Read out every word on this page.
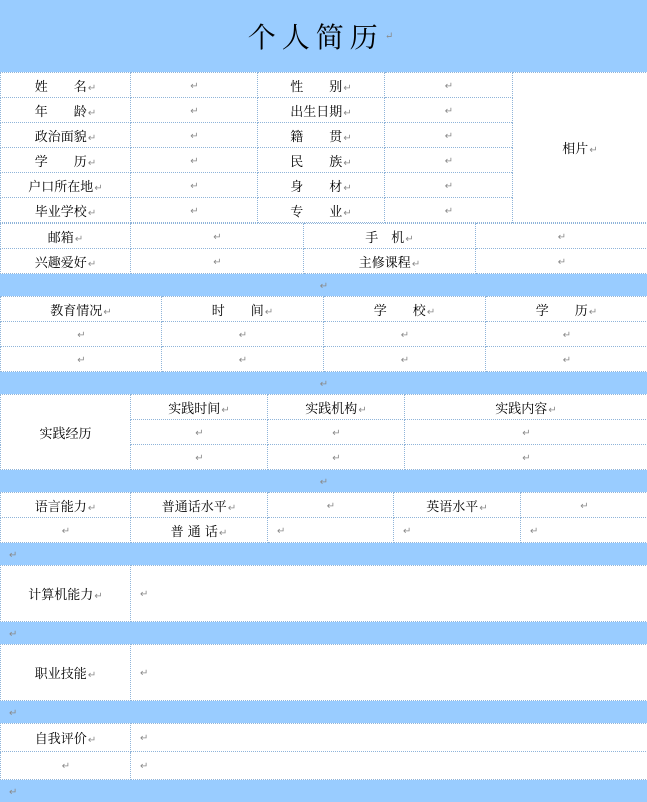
个人简历 ↵
姓　　名↵	↵	性　　别↵	↵	相片↵
年　　龄↵	↵	出生日期↵	↵	
政治面貌↵	↵	籍　　贯↵	↵	
学　　历↵	↵	民　　族↵	↵	
户口所在地↵	↵	身　　材↵	↵	
毕业学校↵	↵	专　　业↵	↵	
邮箱↵	↵	手　机↵	↵
兴趣爱好↵	↵	主修课程↵	↵
↵
教育情况↵	时　　间↵	学　　校↵	学　　历↵
↵	↵	↵	↵
↵	↵	↵	↵
↵
实践经历	实践时间↵	实践机构↵	实践内容↵
	↵	↵	↵
	↵	↵	↵
↵
语言能力↵	普通话水平↵	↵	英语水平↵	↵
↵	普 通 话↵	↵	↵	↵
↵
计算机能力↵	↵
↵
职业技能↵	↵
↵
自我评价↵	↵
↵	↵
↵
